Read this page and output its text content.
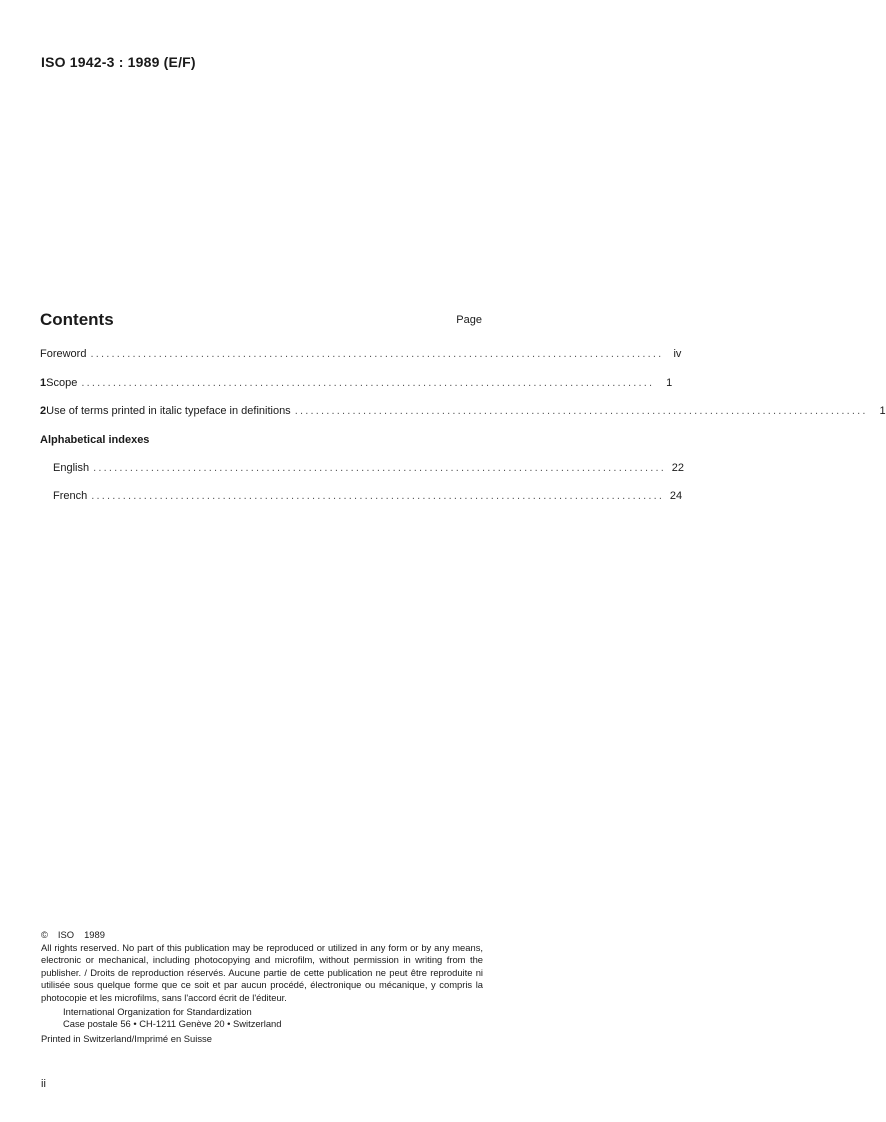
ISO 1942-3 : 1989 (E/F)
Contents	Page
Foreword ............................................................................................................. iv
1 Scope .............................................................................................................	1
2 Use of terms printed in italic typeface in definitions .............................................................................................................	1
Alphabetical indexes
English ............................................................................................................. 22
French ............................................................................................................. 24
© ISO 1989
All rights reserved. No part of this publication may be reproduced or utilized in any form or by any means, electronic or mechanical, including photocopying and microfilm, without permission in writing from the publisher. / Droits de reproduction réservés. Aucune partie de cette publication ne peut être reproduite ni utilisée sous quelque forme que ce soit et par aucun procédé, électronique ou mécanique, y compris la photocopie et les microfilms, sans l'accord écrit de l'éditeur.
International Organization for Standardization
Case postale 56 • CH-1211 Genève 20 • Switzerland
Printed in Switzerland/Imprimé en Suisse
ii
